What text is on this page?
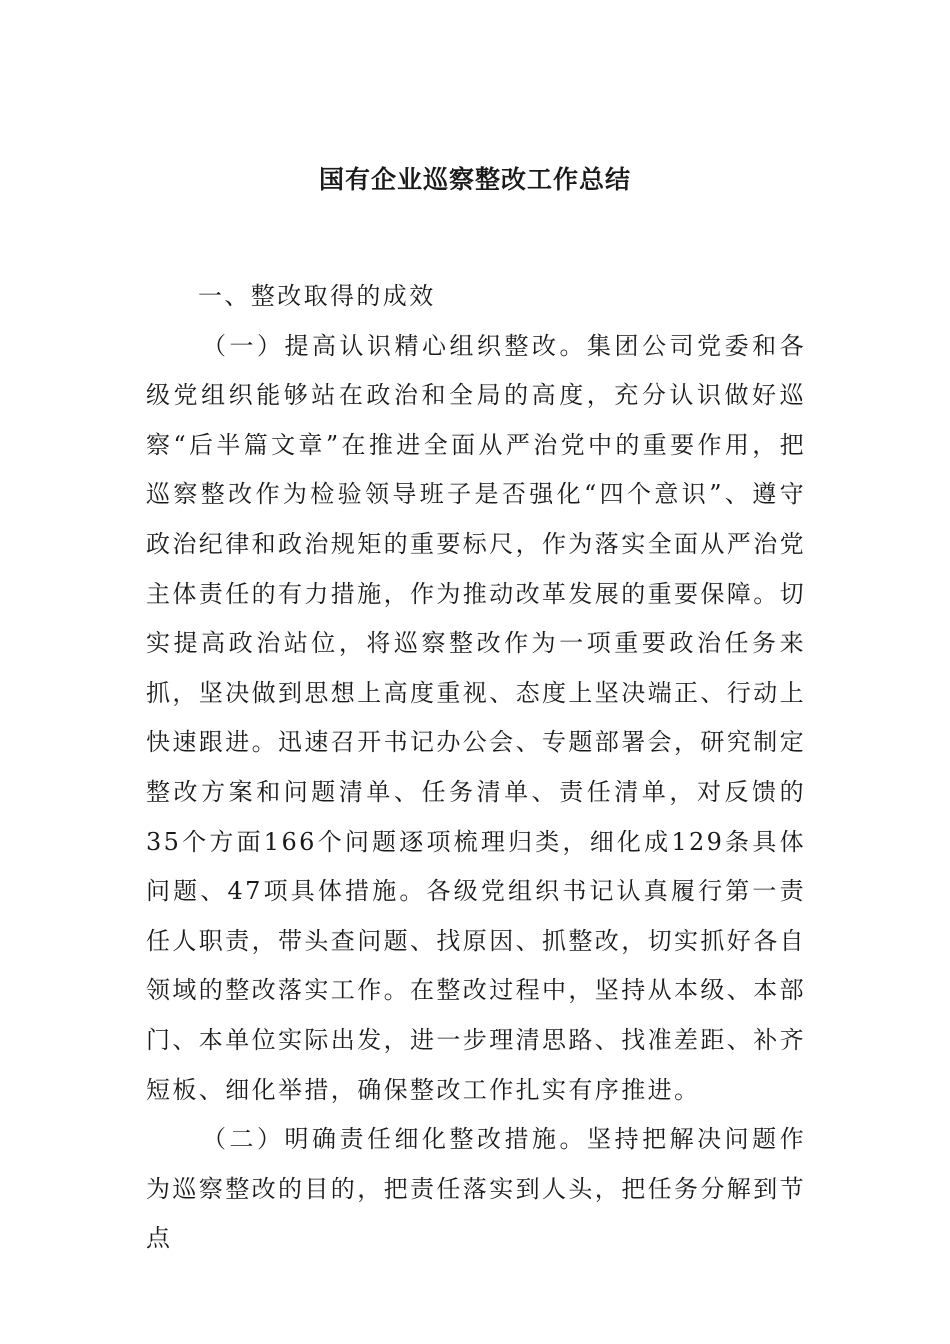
国有企业巡察整改工作总结

一、整改取得的成效

（一）提高认识精心组织整改。集团公司党委和各级党组织能够站在政治和全局的高度，充分认识做好巡察“后半篇文章”在推进全面从严治党中的重要作用，把巡察整改作为检验领导班子是否强化“四个意识”、遵守政治纪律和政治规矩的重要标尺，作为落实全面从严治党主体责任的有力措施，作为推动改革发展的重要保障。切实提高政治站位，将巡察整改作为一项重要政治任务来抓，坚决做到思想上高度重视、态度上坚决端正、行动上快速跟进。迅速召开书记办公会、专题部署会，研究制定整改方案和问题清单、任务清单、责任清单，对反馈的35个方面166个问题逐项梳理归类，细化成129条具体问题、47项具体措施。各级党组织书记认真履行第一责任人职责，带头查问题、找原因、抓整改，切实抓好各自领域的整改落实工作。在整改过程中，坚持从本级、本部门、本单位实际出发，进一步理清思路、找准差距、补齐短板、细化举措，确保整改工作扎实有序推进。

（二）明确责任细化整改措施。坚持把解决问题作为巡察整改的目的，把责任落实到人头，把任务分解到节点
